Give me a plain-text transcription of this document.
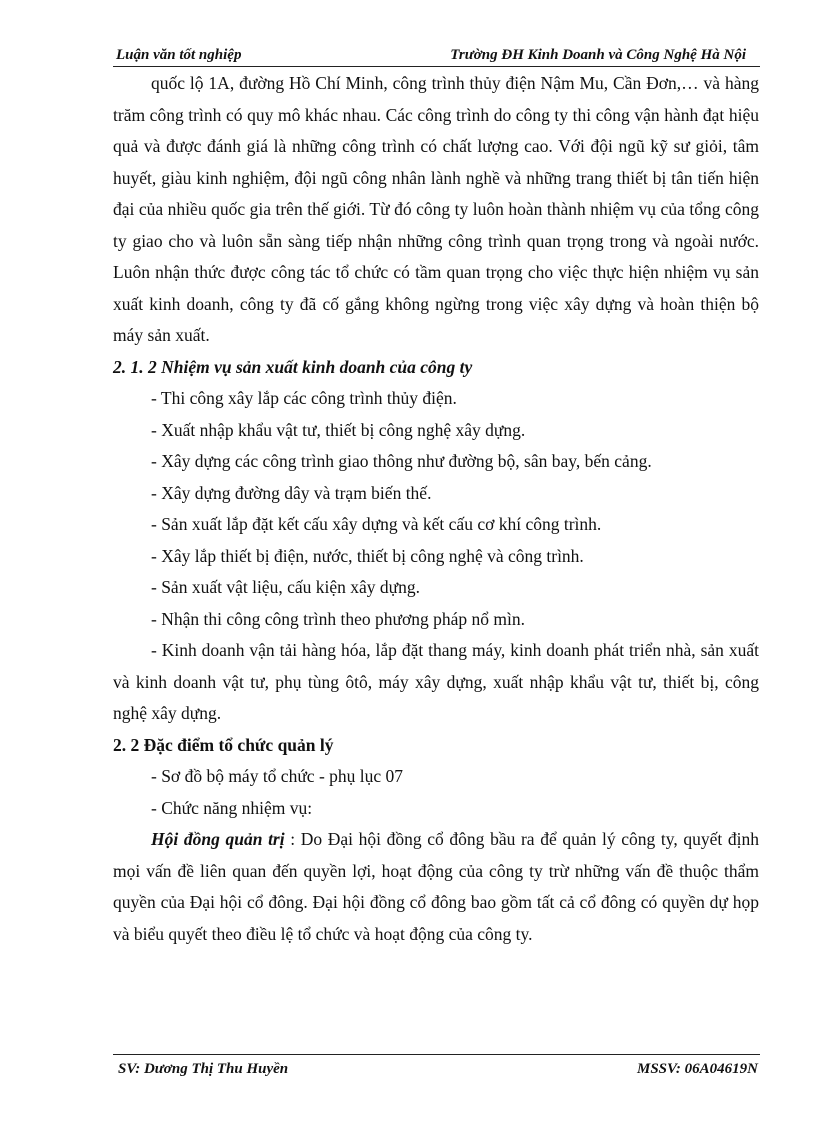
Luận văn tốt nghiệp	Trường ĐH Kinh Doanh và Công Nghệ Hà Nội

quốc lộ 1A, đường Hồ Chí Minh, công trình thủy điện Nậm Mu, Cần Đơn,… và hàng trăm công trình có quy mô khác nhau. Các công trình do công ty thi công vận hành đạt hiệu quả và được đánh giá là những công trình có chất lượng cao. Với đội ngũ kỹ sư giỏi, tâm huyết, giàu kinh nghiệm, đội ngũ công nhân lành nghề và những trang thiết bị tân tiến hiện đại của nhiều quốc gia trên thế giới. Từ đó công ty luôn hoàn thành nhiệm vụ của tổng công ty giao cho và luôn sẵn sàng tiếp nhận những công trình quan trọng trong và ngoài nước. Luôn nhận thức được công tác tổ chức có tầm quan trọng cho việc thực hiện nhiệm vụ sản xuất kinh doanh, công ty đã cố gắng không ngừng trong việc xây dựng và hoàn thiện bộ máy sản xuất.

2. 1. 2 Nhiệm vụ sản xuất kinh doanh của công ty

- Thi công xây lắp các công trình thủy điện.

- Xuất nhập khẩu vật tư, thiết bị công nghệ xây dựng.

- Xây dựng các công trình giao thông như đường bộ, sân bay, bến cảng.

- Xây dựng đường dây và trạm biến thế.

- Sản xuất lắp đặt kết cấu xây dựng và kết cấu cơ khí công trình.

- Xây lắp thiết bị điện, nước, thiết bị công nghệ và công trình.

- Sản xuất vật liệu, cấu kiện xây dựng.

- Nhận thi công công trình theo phương pháp nổ mìn.

- Kinh doanh vận tải hàng hóa, lắp đặt thang máy, kinh doanh phát triển nhà, sản xuất và kinh doanh vật tư, phụ tùng ôtô, máy xây dựng, xuất nhập khẩu vật tư, thiết bị, công nghệ xây dựng.

2. 2 Đặc điểm tổ chức quản lý

- Sơ đồ bộ máy tổ chức - phụ lục 07

- Chức năng nhiệm vụ:

Hội đồng quản trị : Do Đại hội đồng cổ đông bầu ra để quản lý công ty, quyết định mọi vấn đề liên quan đến quyền lợi, hoạt động của công ty trừ những vấn đề thuộc thẩm quyền của Đại hội cổ đông. Đại hội đồng cổ đông bao gồm tất cả cổ đông có quyền dự họp và biểu quyết theo điều lệ tổ chức và hoạt động của công ty.

SV: Dương Thị Thu Huyền	MSSV: 06A04619N
